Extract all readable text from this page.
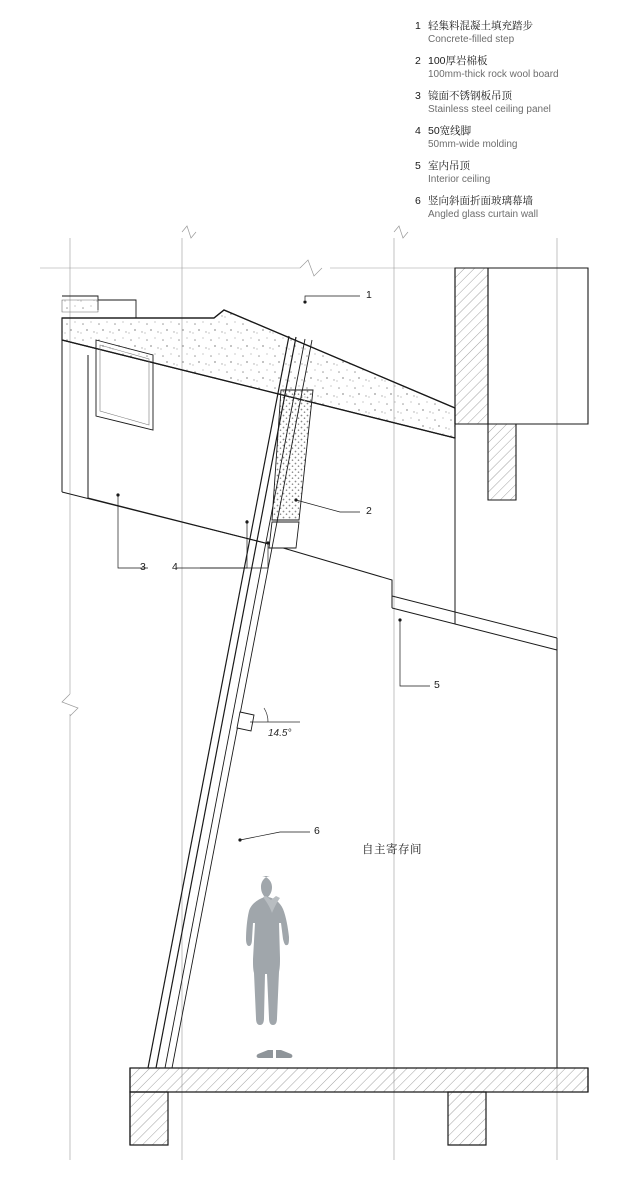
1 轻集料混凝土填充踏步
Concrete-filled step
2 100厚岩棉板
100mm-thick rock wool board
3 镜面不锈钢板吊顶
Stainless steel ceiling panel
4 50宽线脚
50mm-wide molding
5 室内吊顶
Interior ceiling
6 竖向斜面折面玻璃幕墙
Angled glass curtain wall
1
2
3 4
5
6
14.5°
自主寄存间
